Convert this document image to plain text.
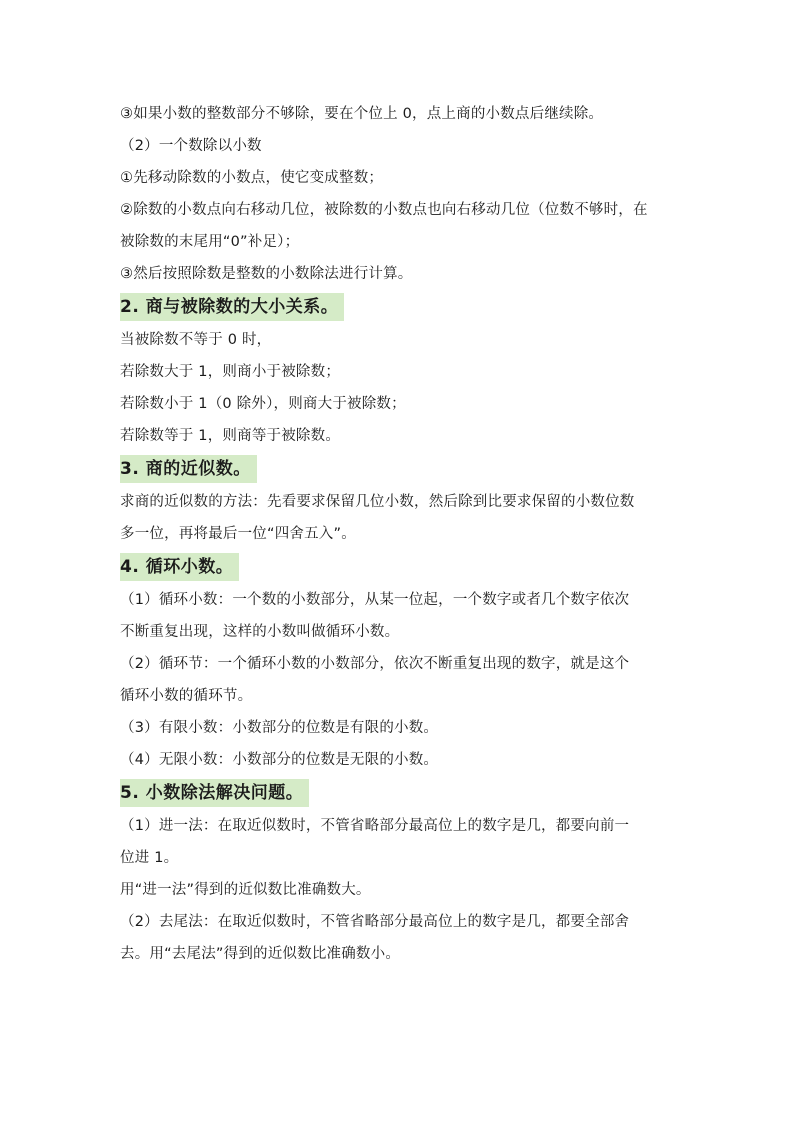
③如果小数的整数部分不够除，要在个位上 0，点上商的小数点后继续除。
（2）一个数除以小数
①先移动除数的小数点，使它变成整数；
②除数的小数点向右移动几位，被除数的小数点也向右移动几位（位数不够时，在
被除数的末尾用“0”补足）；
③然后按照除数是整数的小数除法进行计算。
2. 商与被除数的大小关系。
当被除数不等于 0 时，
若除数大于 1，则商小于被除数；
若除数小于 1（0 除外），则商大于被除数；
若除数等于 1，则商等于被除数。
3. 商的近似数。
求商的近似数的方法：先看要求保留几位小数，然后除到比要求保留的小数位数
多一位，再将最后一位“四舍五入”。
4. 循环小数。
（1）循环小数：一个数的小数部分，从某一位起，一个数字或者几个数字依次
不断重复出现，这样的小数叫做循环小数。
（2）循环节：一个循环小数的小数部分，依次不断重复出现的数字，就是这个
循环小数的循环节。
（3）有限小数：小数部分的位数是有限的小数。
（4）无限小数：小数部分的位数是无限的小数。
5. 小数除法解决问题。
（1）进一法：在取近似数时，不管省略部分最高位上的数字是几，都要向前一
位进 1。
用“进一法”得到的近似数比准确数大。
（2）去尾法：在取近似数时，不管省略部分最高位上的数字是几，都要全部舍
去。用“去尾法”得到的近似数比准确数小。
